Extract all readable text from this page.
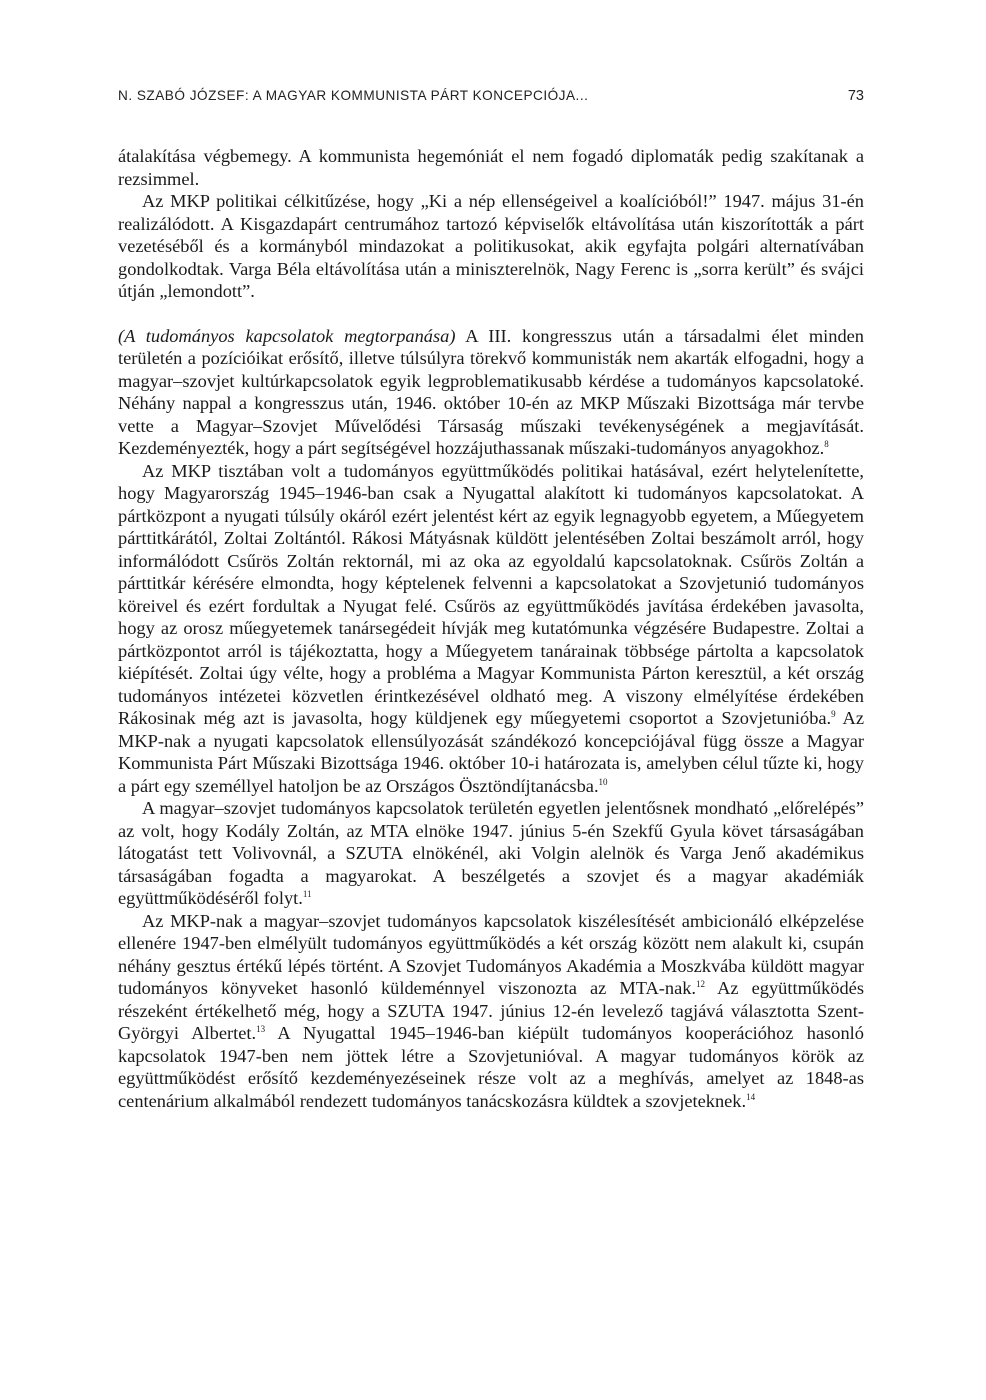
N. SZABÓ JÓZSEF: A MAGYAR KOMMUNISTA PÁRT KONCEPCIÓJA...	73

átalakítása végbemegy. A kommunista hegemóniát el nem fogadó diplomaták pedig szakítanak a rezsimmel.

Az MKP politikai célkitűzése, hogy „Ki a nép ellenségeivel a koalícióból!” 1947. május 31-én realizálódott. A Kisgazdapárt centrumához tartozó képviselők eltávolítása után kiszorították a párt vezetéséből és a kormányból mindazokat a politikusokat, akik egyfajta polgári alternatívában gondolkodtak. Varga Béla eltávolítása után a miniszterelnök, Nagy Ferenc is „sorra került” és svájci útján „lemondott”.

(A tudományos kapcsolatok megtorpanása) A III. kongresszus után a társadalmi élet minden területén a pozícióikat erősítő, illetve túlsúlyra törekvő kommunisták nem akarták elfogadni, hogy a magyar–szovjet kultúrkapcsolatok egyik legproblematikusabb kérdése a tudományos kapcsolatoké. Néhány nappal a kongresszus után, 1946. október 10-én az MKP Műszaki Bizottsága már tervbe vette a Magyar–Szovjet Művelődési Társaság műszaki tevékenységének a megjavítását. Kezdeményezték, hogy a párt segítségével hozzájuthassanak műszaki-tudományos anyagokhoz.$^8$

Az MKP tisztában volt a tudományos együttműködés politikai hatásával, ezért helytelenítette, hogy Magyarország 1945–1946-ban csak a Nyugattal alakított ki tudományos kapcsolatokat. A pártközpont a nyugati túlsúly okáról ezért jelentést kért az egyik legnagyobb egyetem, a Műegyetem párttitkárától, Zoltai Zoltántól. Rákosi Mátyásnak küldött jelentésében Zoltai beszámolt arról, hogy informálódott Csűrös Zoltán rektornál, mi az oka az egyoldalú kapcsolatoknak. Csűrös Zoltán a párttitkár kérésére elmondta, hogy képtelenek felvenni a kapcsolatokat a Szovjetunió tudományos köreivel és ezért fordultak a Nyugat felé. Csűrös az együttműködés javítása érdekében javasolta, hogy az orosz műegyetemek tanársegédeit hívják meg kutatómunka végzésére Budapestre. Zoltai a pártközpontot arról is tájékoztatta, hogy a Műegyetem tanárainak többsége pártolta a kapcsolatok kiépítését. Zoltai úgy vélte, hogy a probléma a Magyar Kommunista Párton keresztül, a két ország tudományos intézetei közvetlen érintkezésével oldható meg. A viszony elmélyítése érdekében Rákosinak még azt is javasolta, hogy küldjenek egy műegyetemi csoportot a Szovjetunióba.$^9$ Az MKP-nak a nyugati kapcsolatok ellensúlyozását szándékozó koncepciójával függ össze a Magyar Kommunista Párt Műszaki Bizottsága 1946. október 10-i határozata is, amelyben célul tűzte ki, hogy a párt egy személlyel hatoljon be az Országos Ösztöndíjtanácsba.$^{10}$

A magyar–szovjet tudományos kapcsolatok területén egyetlen jelentősnek mondható „előrelépés” az volt, hogy Kodály Zoltán, az MTA elnöke 1947. június 5-én Szekfű Gyula követ társaságában látogatást tett Volivovnál, a SZUTA elnökénél, aki Volgin alelnök és Varga Jenő akadémikus társaságában fogadta a magyarokat. A beszélgetés a szovjet és a magyar akadémiák együttműködéséről folyt.$^{11}$

Az MKP-nak a magyar–szovjet tudományos kapcsolatok kiszélesítését ambicionáló elképzelése ellenére 1947-ben elmélyült tudományos együttműködés a két ország között nem alakult ki, csupán néhány gesztus értékű lépés történt. A Szovjet Tudományos Akadémia a Moszkvába küldött magyar tudományos könyveket hasonló küldeménnyel viszonozta az MTA-nak.$^{12}$ Az együttműködés részeként értékelhető még, hogy a SZUTA 1947. június 12-én levelező tagjává választotta Szent-Györgyi Albertet.$^{13}$ A Nyugattal 1945–1946-ban kiépült tudományos kooperációhoz hasonló kapcsolatok 1947-ben nem jöttek létre a Szovjetunióval. A magyar tudományos körök az együttműködést erősítő kezdeményezéseinek része volt az a meghívás, amelyet az 1848-as centenárium alkalmából rendezett tudományos tanácskozásra küldtek a szovjeteknek.$^{14}$
